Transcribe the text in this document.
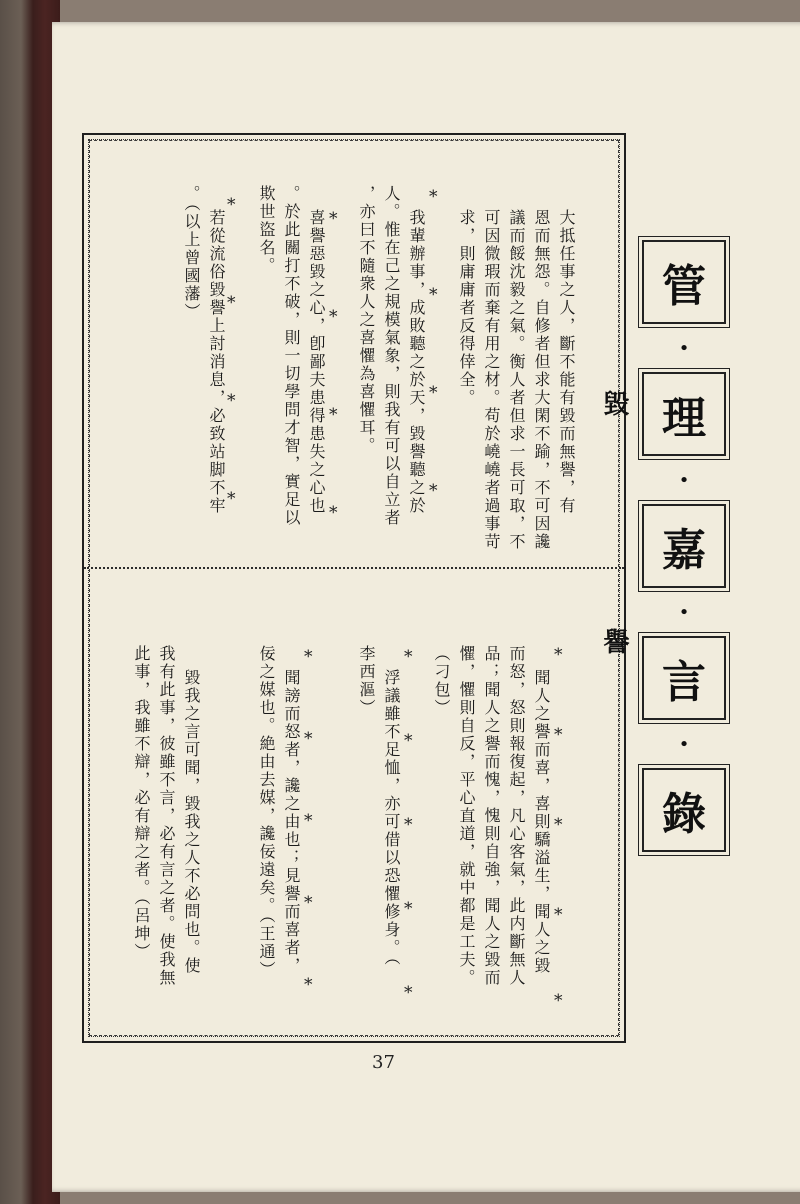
大抵任事之人，斷不能有毀而無譽，有
恩而無怨。自修者但求大閑不踰，不可因讒
議而餒沈毅之氣。衡人者但求一長可取，不
可因微瑕而棄有用之材。苟於嶢嶢者過事苛
求，則庸庸者反得倖全。
我輩辦事，成敗聽之於天，毀譽聽之於
人。惟在己之規模氣象，則我有可以自立者
，亦曰不隨衆人之喜懼為喜懼耳。
喜譽惡毀之心，卽鄙夫患得患失之心也
。於此關打不破，則一切學問才智，實足以
欺世盜名。
若從流俗毀譽上討消息，必致站脚不牢
。（以上曾國藩）	*
*
*
*
*
*
*
*
*
*
*
*
聞人之譽而喜，喜則驕溢生，聞人之毀
而怒，怒則報復起，凡心客氣，此内斷無人
品；聞人之譽而愧，愧則自強，聞人之毀而
懼，懼則自反，平心直道，就中都是工夫。
（刁包）
浮議雖不足恤，亦可借以恐懼修身。（
李西漚）
聞謗而怒者，讒之由也；見譽而喜者，
佞之媒也。絶由去媒，讒佞遠矣。（王通）
毀我之言可聞，毀我之人不必問也。使
我有此事，彼雖不言，必有言之者。使我無
此事，我雖不辯，必有辯之者。（呂坤）	*
*
*
*
*
*
*
*
*
*
*
*
*
*
*
毀
譽
管
•
理
•
嘉
•
言
•
錄
37
